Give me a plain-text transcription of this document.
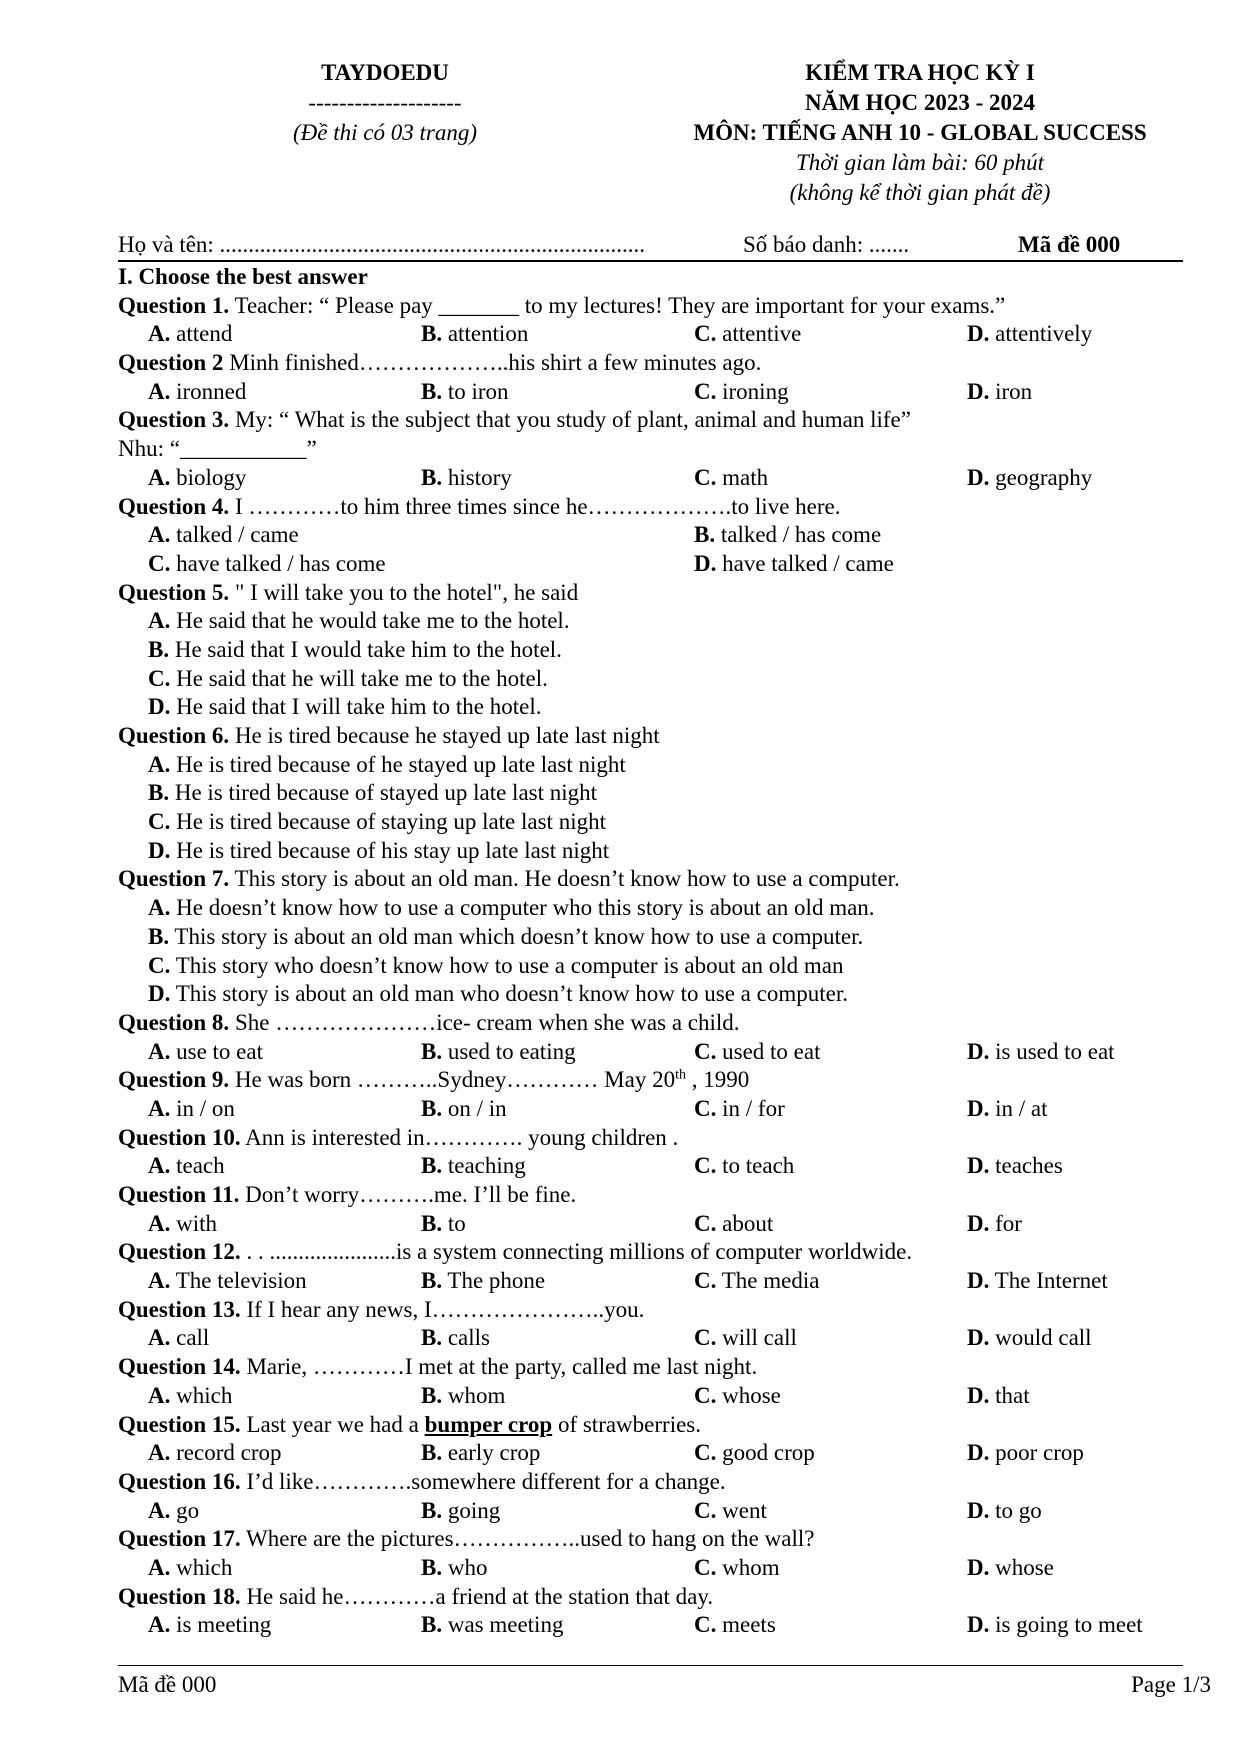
TAYDOEDU
--------------------
(Đề thi có 03 trang)
KIỂM TRA HỌC KỲ I
NĂM HỌC 2023 - 2024
MÔN: TIẾNG ANH 10 - GLOBAL SUCCESS
Thời gian làm bài: 60 phút
(không kể thời gian phát đề)
Họ và tên: ..........................................................................	Số báo danh: .......	Mã đề 000
I. Choose the best answer
Question 1. Teacher: “ Please pay _______ to my lectures! They are important for your exams.”
A. attend	B. attention	C. attentive	D. attentively
Question 2 Minh finished………………..his shirt a few minutes ago.
A. ironned	B. to iron	C. ironing	D. iron
Question 3. My: “ What is the subject that you study of plant, animal and human life”
Nhu: “___________”
A. biology	B. history	C. math	D. geography
Question 4. I …………to him three times since he……………….to live here.
A. talked / came	B. talked / has come
C. have talked / has come	D. have talked / came
Question 5. " I will take you to the hotel", he said
A. He said that he would take me to the hotel.
B. He said that I would take him to the hotel.
C. He said that he will take me to the hotel.
D. He said that I will take him to the hotel.
Question 6. He is tired because he stayed up late last night
A. He is tired because of he stayed up late last night
B. He is tired because of stayed up late last night
C. He is tired because of staying up late last night
D. He is tired because of his stay up late last night
Question 7. This story is about an old man. He doesn’t know how to use a computer.
A. He doesn’t know how to use a computer who this story is about an old man.
B. This story is about an old man which doesn’t know how to use a computer.
C. This story who doesn’t know how to use a computer is about an old man
D. This story is about an old man who doesn’t know how to use a computer.
Question 8. She …………………ice- cream when she was a child.
A. use to eat	B. used to eating	C. used to eat	D. is used to eat
Question 9. He was born ………..Sydney………… May 20th , 1990
A. in / on	B. on / in	C. in / for	D. in / at
Question 10. Ann is interested in…………. young children .
A. teach	B. teaching	C. to teach	D. teaches
Question 11. Don’t worry……….me. I’ll be fine.
A. with	B. to	C. about	D. for
Question 12. . . ......................is a system connecting millions of computer worldwide.
A. The television	B. The phone	C. The media	D. The Internet
Question 13. If I hear any news, I…………………..you.
A. call	B. calls	C. will call	D. would call
Question 14. Marie, …………I met at the party, called me last night.
A. which	B. whom	C. whose	D. that
Question 15. Last year we had a bumper crop of strawberries.
A. record crop	B. early crop	C. good crop	D. poor crop
Question 16. I’d like………….somewhere different for a change.
A. go	B. going	C. went	D. to go
Question 17. Where are the pictures……………..used to hang on the wall?
A. which	B. who	C. whom	D. whose
Question 18. He said he…………a friend at the station that day.
A. is meeting	B. was meeting	C. meets	D. is going to meet
Mã đề 000	Page 1/3
